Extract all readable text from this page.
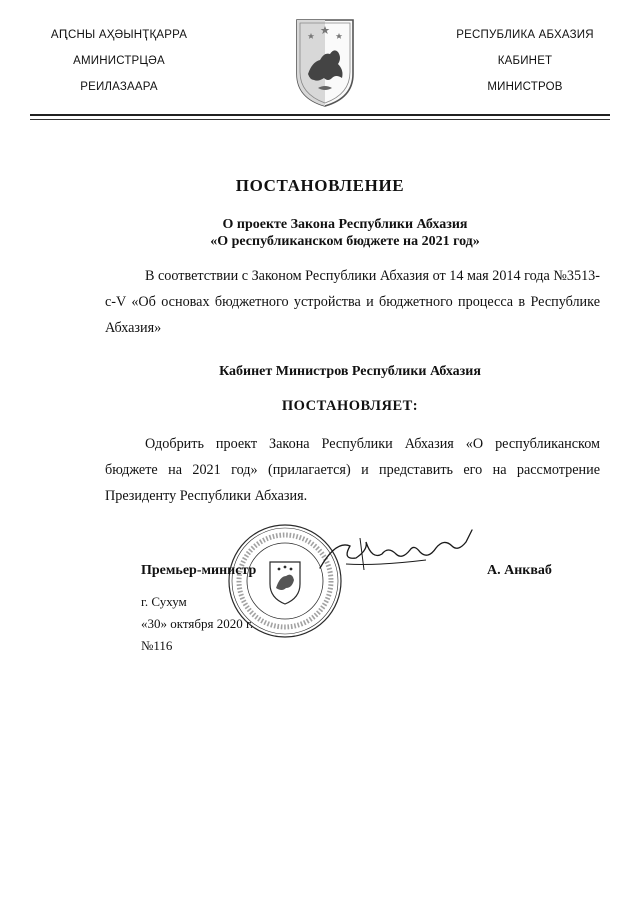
АԤСНЫ АҲӘЫНҬҚАРРА
АМИНИСТРЦӘА
РЕИЛАЗААРА
РЕСПУБЛИКА АБХАЗИЯ
КАБИНЕТ
МИНИСТРОВ
ПОСТАНОВЛЕНИЕ
О проекте Закона Республики Абхазия
«О республиканском бюджете на 2021 год»
В соответствии с Законом Республики Абхазия от 14 мая 2014 года №3513-с-V «Об основах бюджетного устройства и бюджетного процесса в Республике Абхазия»
Кабинет Министров Республики Абхазия
ПОСТАНОВЛЯЕТ:
Одобрить проект Закона Республики Абхазия «О республиканском бюджете на 2021 год» (прилагается) и представить его на рассмотрение Президенту Республики Абхазия.
Премьер-министр	А. Анкваб
г. Сухум
«30» октября 2020 г.
№116
